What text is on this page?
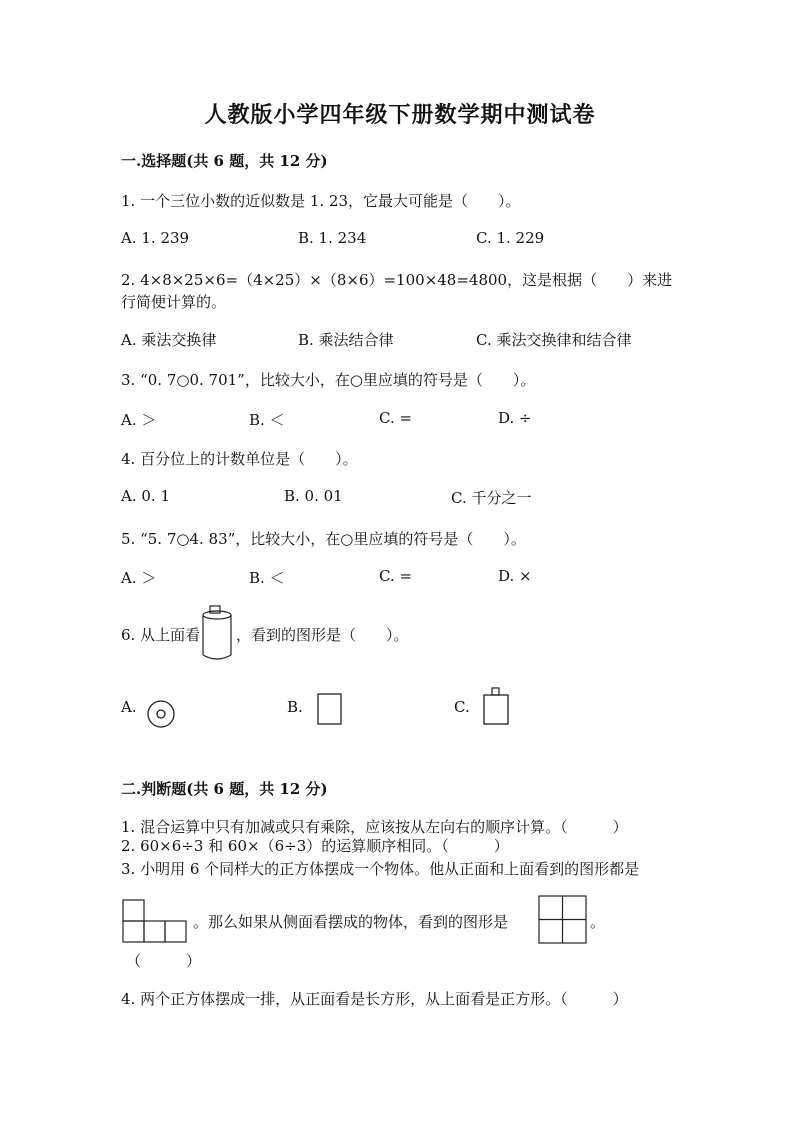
人教版小学四年级下册数学期中测试卷
一.选择题(共 6 题，共 12 分)
1. 一个三位小数的近似数是 1. 23，它最大可能是（　　）。
A. 1. 239	B. 1. 234	C. 1. 229
2. 4×8×25×6=（4×25）×（8×6）=100×48=4800，这是根据（　　）来进
行简便计算的。
A. 乘法交换律	B. 乘法结合律	C. 乘法交换律和结合律
3. “0. 7○0. 701”，比较大小，在○里应填的符号是（　　）。
A. ＞	B. ＜	C. =	D. ÷
4. 百分位上的计数单位是（　　）。
A. 0. 1	B. 0. 01	C. 千分之一
5. “5. 7○4. 83”，比较大小，在○里应填的符号是（　　）。
A. ＞	B. ＜	C. =	D. ×
6. 从上面看 ，看到的图形是（　　）。
A.	B.	C.
二.判断题(共 6 题，共 12 分)
1. 混合运算中只有加减或只有乘除，应该按从左向右的顺序计算。（　　　）
2. 60×6÷3 和 60×（6÷3）的运算顺序相同。（　　　）
3. 小明用 6 个同样大的正方体摆成一个物体。他从正面和上面看到的图形都是
。那么如果从侧面看摆成的物体，看到的图形是	。
（　　　）
4. 两个正方体摆成一排，从正面看是长方形，从上面看是正方形。（　　　）
